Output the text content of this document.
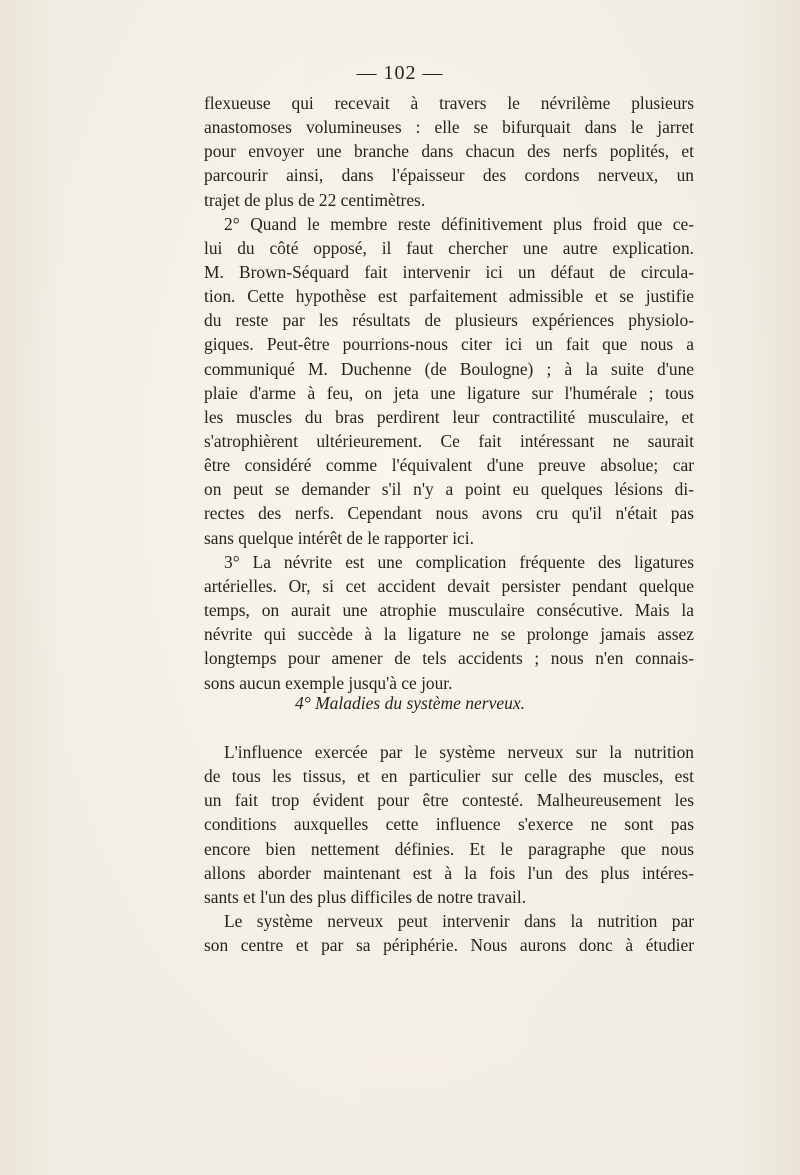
— 102 —
flexueuse qui recevait à travers le névrilème plusieurs
anastomoses volumineuses : elle se bifurquait dans le jarret
pour envoyer une branche dans chacun des nerfs poplités, et
parcourir ainsi, dans l'épaisseur des cordons nerveux, un
trajet de plus de 22 centimètres.
2° Quand le membre reste définitivement plus froid que ce-
lui du côté opposé, il faut chercher une autre explication.
M. Brown-Séquard fait intervenir ici un défaut de circula-
tion. Cette hypothèse est parfaitement admissible et se justifie
du reste par les résultats de plusieurs expériences physiolo-
giques. Peut-être pourrions-nous citer ici un fait que nous a
communiqué M. Duchenne (de Boulogne) ; à la suite d'une
plaie d'arme à feu, on jeta une ligature sur l'humérale ; tous
les muscles du bras perdirent leur contractilité musculaire, et
s'atrophièrent ultérieurement. Ce fait intéressant ne saurait
être considéré comme l'équivalent d'une preuve absolue; car
on peut se demander s'il n'y a point eu quelques lésions di-
rectes des nerfs. Cependant nous avons cru qu'il n'était pas
sans quelque intérêt de le rapporter ici.
3° La névrite est une complication fréquente des ligatures
artérielles. Or, si cet accident devait persister pendant quelque
temps, on aurait une atrophie musculaire consécutive. Mais la
névrite qui succède à la ligature ne se prolonge jamais assez
longtemps pour amener de tels accidents ; nous n'en connais-
sons aucun exemple jusqu'à ce jour.
4° Maladies du système nerveux.
L'influence exercée par le système nerveux sur la nutrition
de tous les tissus, et en particulier sur celle des muscles, est
un fait trop évident pour être contesté. Malheureusement les
conditions auxquelles cette influence s'exerce ne sont pas
encore bien nettement définies. Et le paragraphe que nous
allons aborder maintenant est à la fois l'un des plus intéres-
sants et l'un des plus difficiles de notre travail.
Le système nerveux peut intervenir dans la nutrition par
son centre et par sa périphérie. Nous aurons donc à étudier
